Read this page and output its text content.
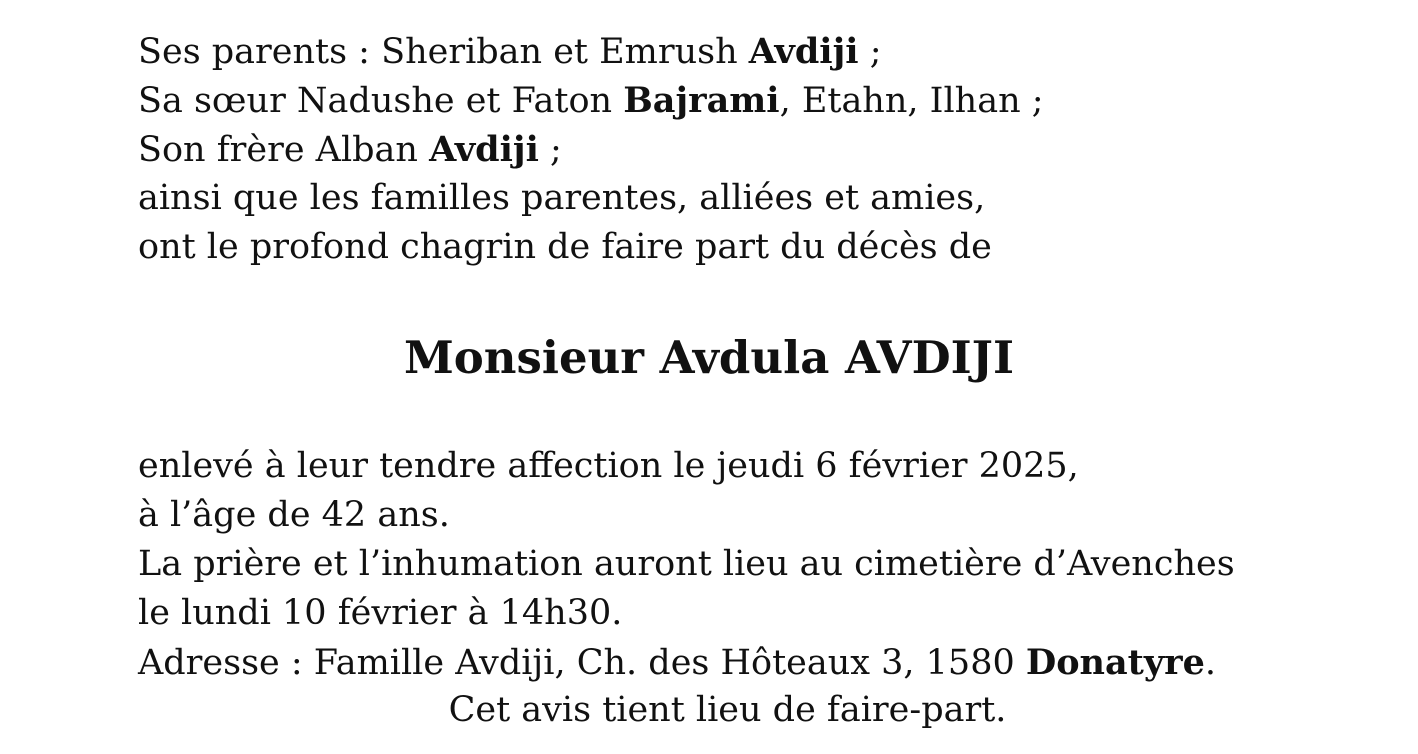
Ses parents : Sheriban et Emrush Avdiji ;
Sa sœur Nadushe et Faton Bajrami, Etahn, Ilhan ;
Son frère Alban Avdiji ;
ainsi que les familles parentes, alliées et amies,
ont le profond chagrin de faire part du décès de
Monsieur Avdula AVDIJI
enlevé à leur tendre affection le jeudi 6 février 2025,
à l’âge de 42 ans.
La prière et l’inhumation auront lieu au cimetière d’Avenches
le lundi 10 février à 14h30.
Adresse : Famille Avdiji, Ch. des Hôteaux 3, 1580 Donatyre.
Cet avis tient lieu de faire-part.
